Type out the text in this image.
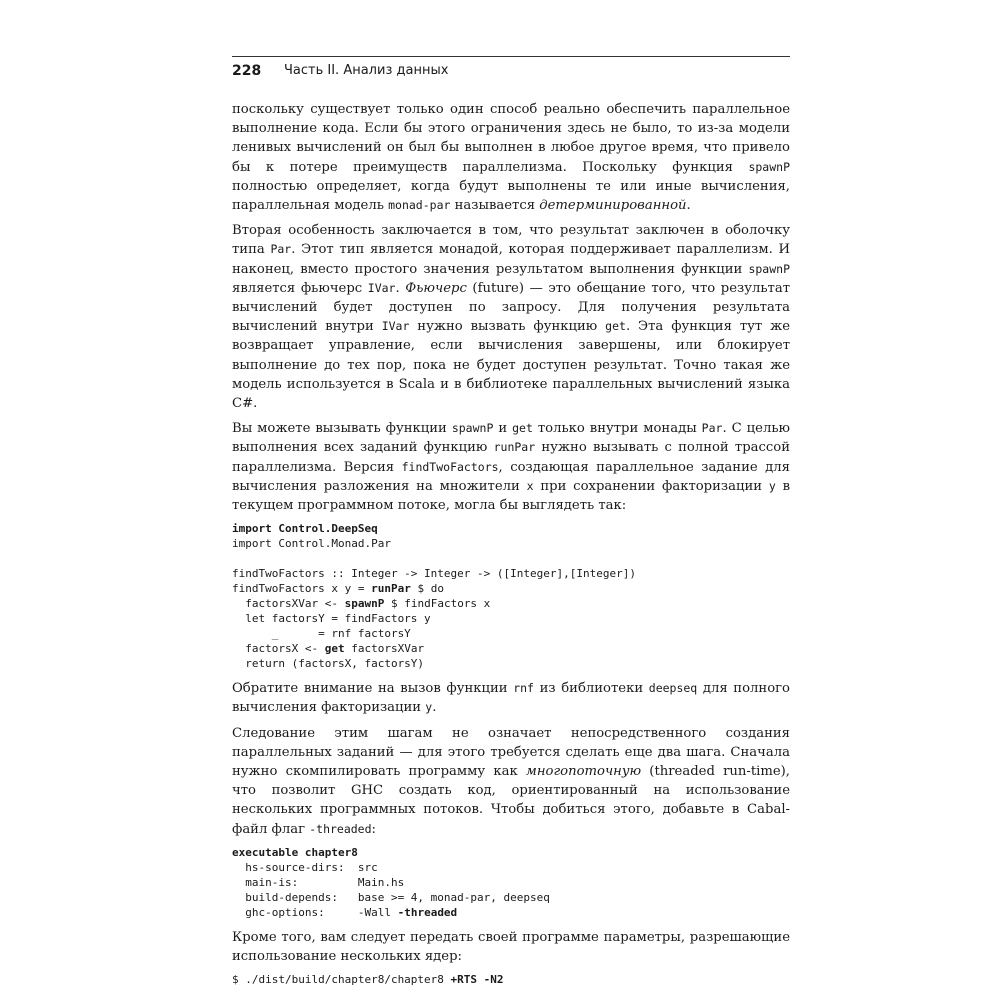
228 Часть II. Анализ данных

поскольку существует только один способ реально обеспечить параллельное выполнение кода. Если бы этого ограничения здесь не было, то из-за модели ленивых вычислений он был бы выполнен в любое другое время, что привело бы к потере преимуществ параллелизма. Поскольку функция spawnP полностью определяет, когда будут выполнены те или иные вычисления, параллельная модель monad-par называется детерминированной.

Вторая особенность заключается в том, что результат заключен в оболочку типа Par. Этот тип является монадой, которая поддерживает параллелизм. И наконец, вместо простого значения результатом выполнения функции spawnP является фьючерс IVar. Фьючерс (future) — это обещание того, что результат вычислений будет доступен по запросу. Для получения результата вычислений внутри IVar нужно вызвать функцию get. Эта функция тут же возвращает управление, если вычисления завершены, или блокирует выполнение до тех пор, пока не будет доступен результат. Точно такая же модель используется в Scala и в библиотеке параллельных вычислений языка C#.

Вы можете вызывать функции spawnP и get только внутри монады Par. С целью выполнения всех заданий функцию runPar нужно вызывать с полной трассой параллелизма. Версия findTwoFactors, создающая параллельное задание для вычисления разложения на множители x при сохранении факторизации y в текущем программном потоке, могла бы выглядеть так:

import Control.DeepSeq
import Control.Monad.Par

findTwoFactors :: Integer -> Integer -> ([Integer],[Integer])
findTwoFactors x y = runPar $ do
factorsXVar <- spawnP $ findFactors x
let factorsY = findFactors y
_      = rnf factorsY
factorsX <- get factorsXVar
return (factorsX, factorsY)

Обратите внимание на вызов функции rnf из библиотеки deepseq для полного вычисления факторизации y.

Следование этим шагам не означает непосредственного создания параллельных заданий — для этого требуется сделать еще два шага. Сначала нужно скомпилировать программу как многопоточную (threaded run-time), что позволит GHC создать код, ориентированный на использование нескольких программных потоков. Чтобы добиться этого, добавьте в Cabal-файл флаг -threaded:

executable chapter8
hs-source-dirs:  src
main-is:         Main.hs
build-depends:   base >= 4, monad-par, deepseq
ghc-options:     -Wall -threaded

Кроме того, вам следует передать своей программе параметры, разрешающие использование нескольких ядер:

$ ./dist/build/chapter8/chapter8 +RTS -N2
